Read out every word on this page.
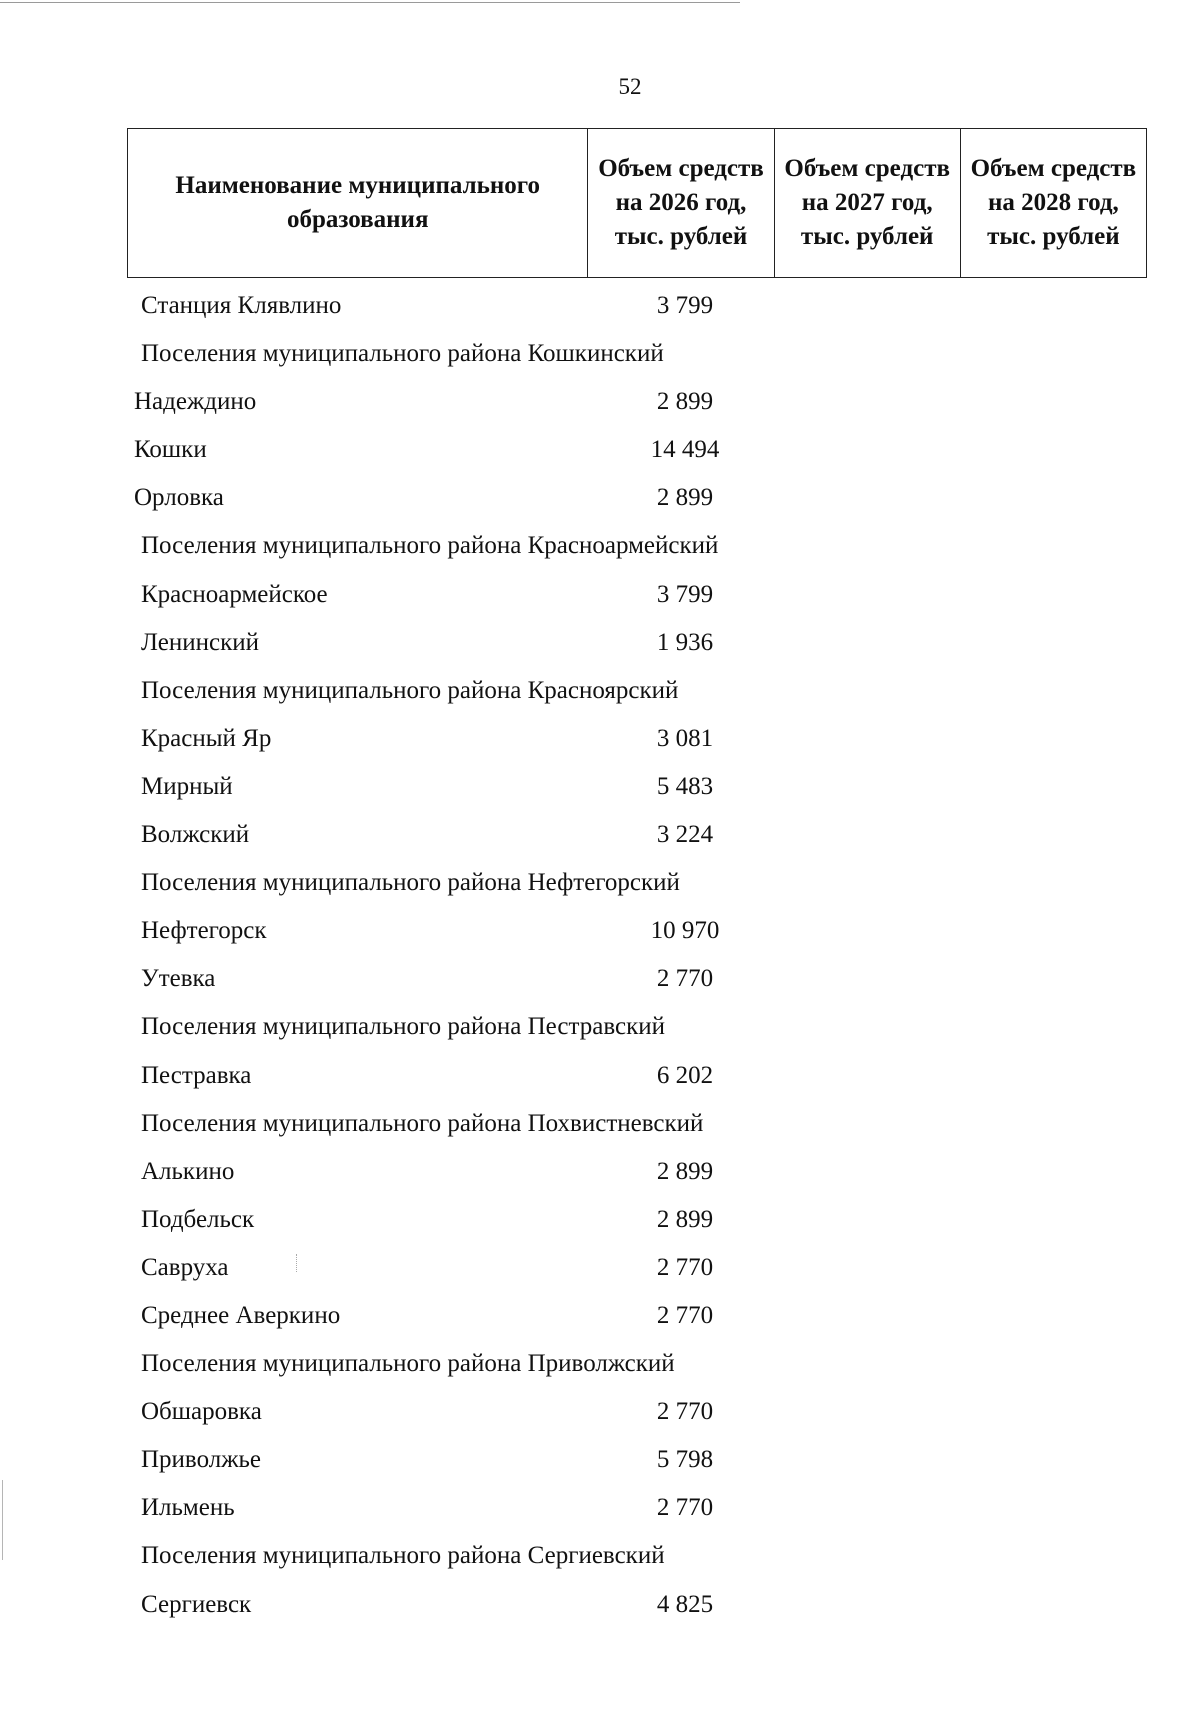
52
Наименование муниципального образования	Объем средств на 2026 год, тыс. рублей	Объем средств на 2027 год, тыс. рублей	Объем средств на 2028 год, тыс. рублей
Станция Клявлино	3 799
Поселения муниципального района Кошкинский
Надеждино	2 899
Кошки	14 494
Орловка	2 899
Поселения муниципального района Красноармейский
Красноармейское	3 799
Ленинский	1 936
Поселения муниципального района Красноярский
Красный Яр	3 081
Мирный	5 483
Волжский	3 224
Поселения муниципального района Нефтегорский
Нефтегорск	10 970
Утевка	2 770
Поселения муниципального района Пестравский
Пестравка	6 202
Поселения муниципального района Похвистневский
Алькино	2 899
Подбельск	2 899
Савруха	2 770
Среднее Аверкино	2 770
Поселения муниципального района Приволжский
Обшаровка	2 770
Приволжье	5 798
Ильмень	2 770
Поселения муниципального района Сергиевский
Сергиевск	4 825
